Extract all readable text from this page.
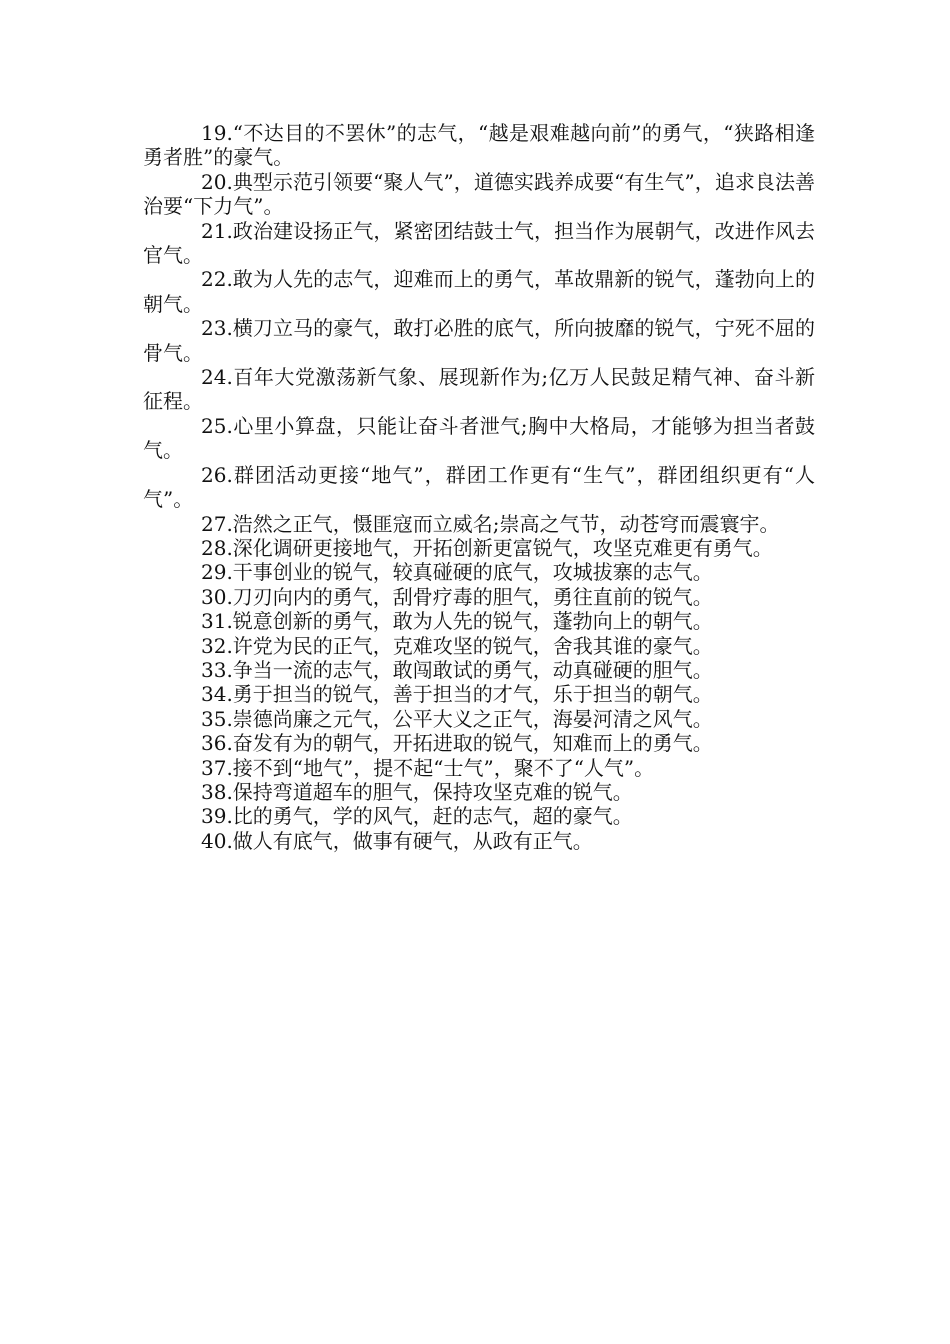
19.“不达目的不罢休”的志气，“越是艰难越向前”的勇气，“狭路相逢勇者胜”的豪气。

20.典型示范引领要“聚人气”，道德实践养成要“有生气”，追求良法善治要“下力气”。

21.政治建设扬正气，紧密团结鼓士气，担当作为展朝气，改进作风去官气。

22.敢为人先的志气，迎难而上的勇气，革故鼎新的锐气，蓬勃向上的朝气。

23.横刀立马的豪气，敢打必胜的底气，所向披靡的锐气，宁死不屈的骨气。

24.百年大党激荡新气象、展现新作为;亿万人民鼓足精气神、奋斗新征程。

25.心里小算盘，只能让奋斗者泄气;胸中大格局，才能够为担当者鼓气。

26.群团活动更接“地气”，群团工作更有“生气”，群团组织更有“人气”。

27.浩然之正气，慑匪寇而立威名;崇高之气节，动苍穹而震寰宇。

28.深化调研更接地气，开拓创新更富锐气，攻坚克难更有勇气。

29.干事创业的锐气，较真碰硬的底气，攻城拔寨的志气。

30.刀刃向内的勇气，刮骨疗毒的胆气，勇往直前的锐气。

31.锐意创新的勇气，敢为人先的锐气，蓬勃向上的朝气。

32.许党为民的正气，克难攻坚的锐气，舍我其谁的豪气。

33.争当一流的志气，敢闯敢试的勇气，动真碰硬的胆气。

34.勇于担当的锐气，善于担当的才气，乐于担当的朝气。

35.崇德尚廉之元气，公平大义之正气，海晏河清之风气。

36.奋发有为的朝气，开拓进取的锐气，知难而上的勇气。

37.接不到“地气”，提不起“士气”，聚不了“人气”。

38.保持弯道超车的胆气，保持攻坚克难的锐气。

39.比的勇气，学的风气，赶的志气，超的豪气。

40.做人有底气，做事有硬气，从政有正气。
